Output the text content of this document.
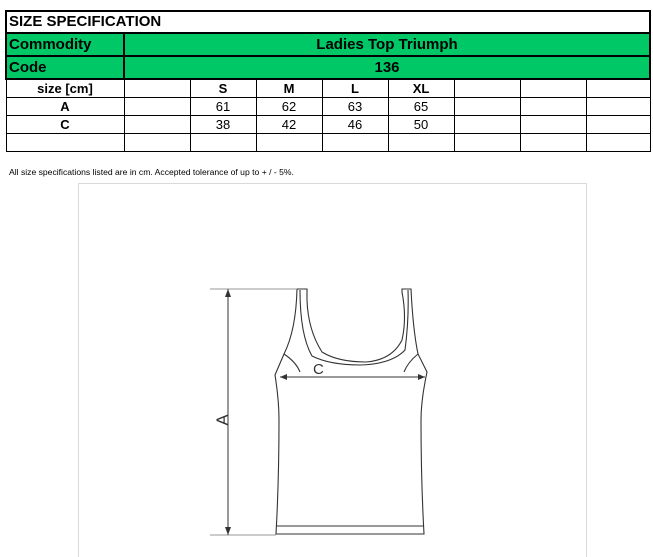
SIZE SPECIFICATION								
Commodity	Ladies Top Triumph							
Code	136							
size [cm]		S	M	L	XL			
A		61	62	63	65			
C		38	42	46	50			

All size specifications listed are in cm. Accepted tolerance of up to + / - 5%.
C
A
